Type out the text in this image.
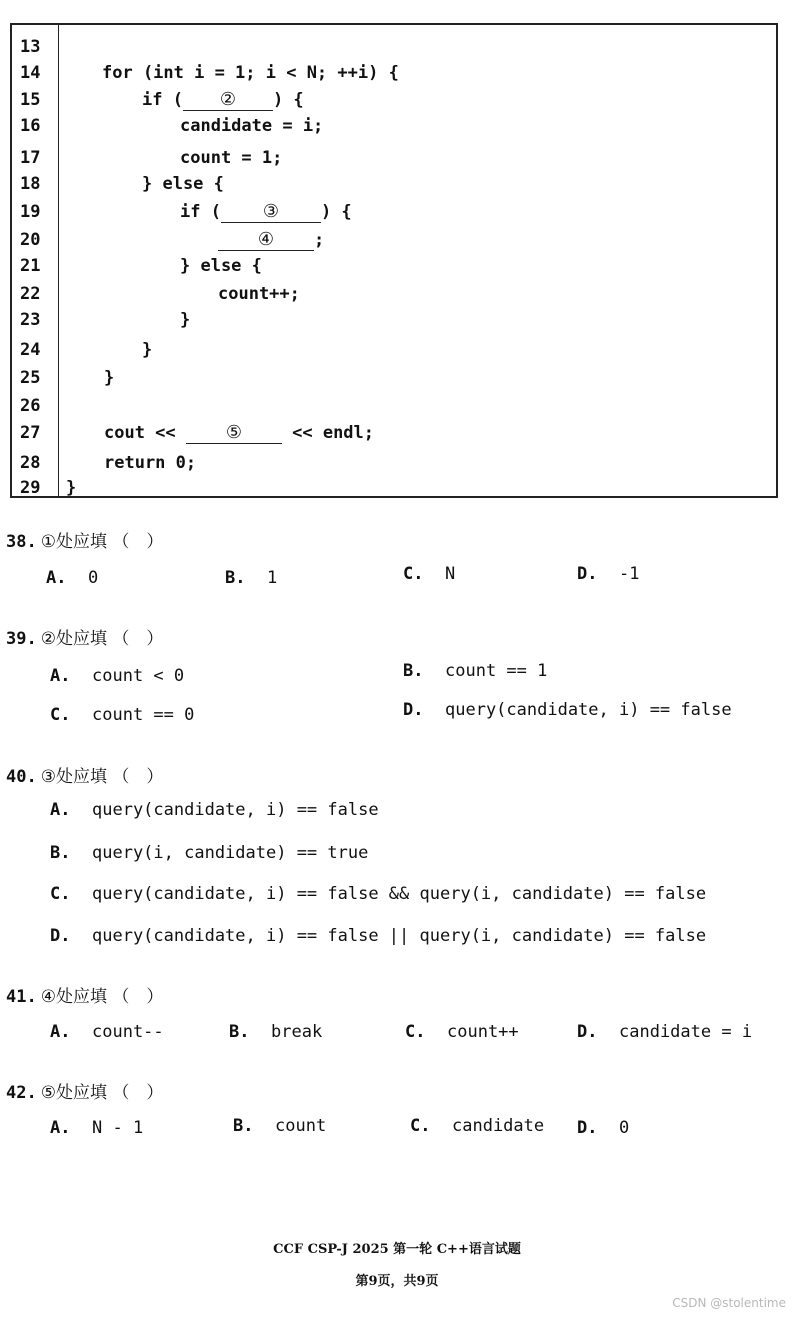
13
14	for (int i = 1; i < N; ++i) {
15	if ( ② ) {
16	candidate = i;
17	count = 1;
18	} else {
19	if ( ③ ) {
20	④ ;
21	} else {
22	count++;
23	}
24	}
25	}
26
27	cout << ⑤ << endl;
28	return 0;
29	}
38. ①处应填 （　）
A. 0	B. 1	C. N	D. -1
39. ②处应填 （　）
A. count < 0	B. count == 1
C. count == 0	D. query(candidate, i) == false
40. ③处应填 （　）
A. query(candidate, i) == false
B. query(i, candidate) == true
C. query(candidate, i) == false && query(i, candidate) == false
D. query(candidate, i) == false || query(i, candidate) == false
41. ④处应填 （　）
A. count--	B. break	C. count++	D. candidate = i
42. ⑤处应填 （　）
A. N - 1	B. count	C. candidate D. 0
CCF CSP-J 2025 第一轮 C++语言试题
第9页，共9页
CSDN @stolentime
